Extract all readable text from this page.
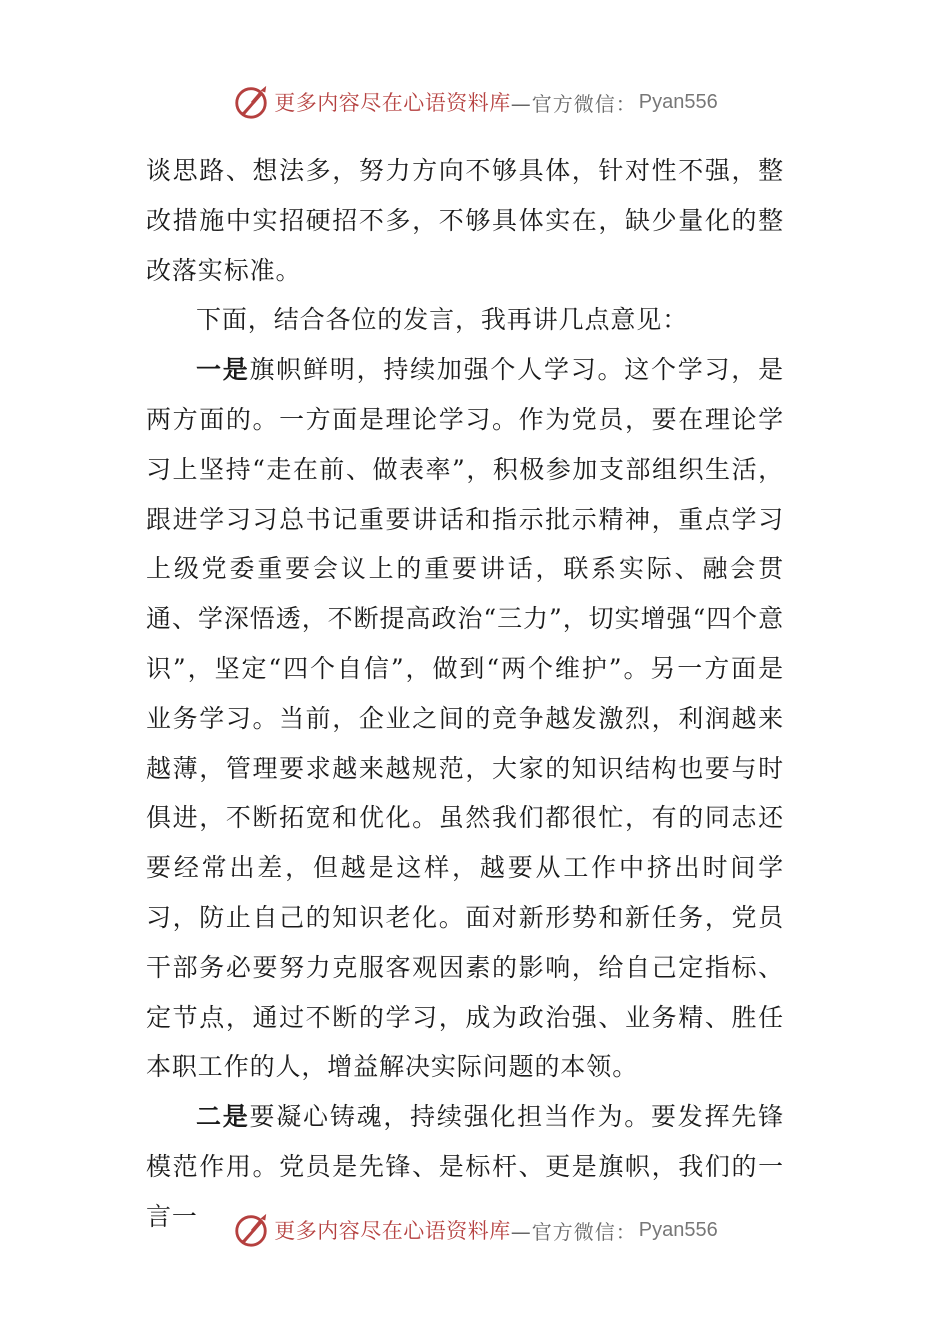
更多内容尽在心语资料库 —官方微信： Pyan556

谈思路、想法多，努力方向不够具体，针对性不强，整改措施中实招硬招不多，不够具体实在，缺少量化的整改落实标准。

下面，结合各位的发言，我再讲几点意见：

一是旗帜鲜明，持续加强个人学习。这个学习，是两方面的。一方面是理论学习。作为党员，要在理论学习上坚持“走在前、做表率”，积极参加支部组织生活，跟进学习习总书记重要讲话和指示批示精神，重点学习上级党委重要会议上的重要讲话，联系实际、融会贯通、学深悟透，不断提高政治“三力”，切实增强“四个意识”，坚定“四个自信”，做到“两个维护”。另一方面是业务学习。当前，企业之间的竞争越发激烈，利润越来越薄，管理要求越来越规范，大家的知识结构也要与时俱进，不断拓宽和优化。虽然我们都很忙，有的同志还要经常出差，但越是这样，越要从工作中挤出时间学习，防止自己的知识老化。面对新形势和新任务，党员干部务必要努力克服客观因素的影响，给自己定指标、定节点，通过不断的学习，成为政治强、业务精、胜任本职工作的人，增益解决实际问题的本领。

二是要凝心铸魂，持续强化担当作为。要发挥先锋模范作用。党员是先锋、是标杆、更是旗帜，我们的一言一

更多内容尽在心语资料库 —官方微信： Pyan556
